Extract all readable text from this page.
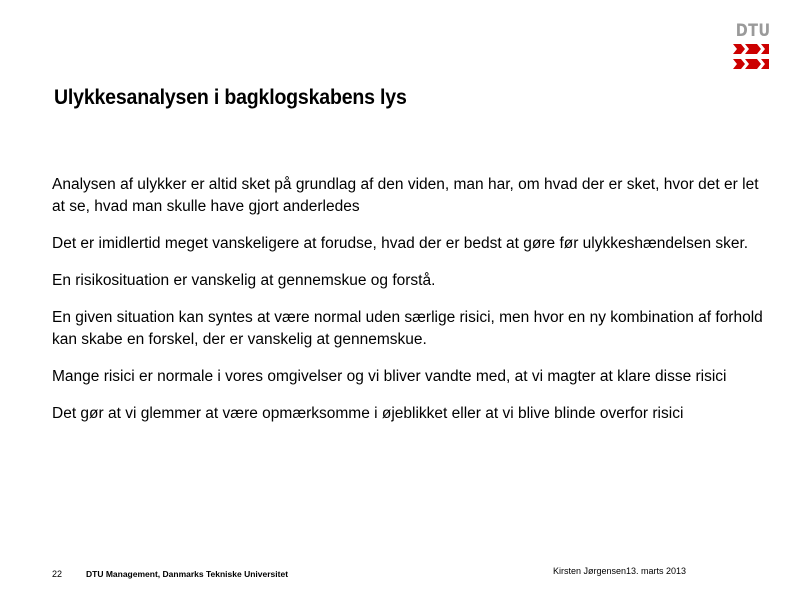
DTU
Ulykkesanalysen i bagklogskabens lys

Analysen af ulykker er altid sket på grundlag af den viden, man har, om hvad der er sket, hvor det er let at se, hvad man skulle have gjort anderledes

Det er imidlertid meget vanskeligere at forudse, hvad der er bedst at gøre før ulykkeshændelsen sker.

En risikosituation er vanskelig at gennemskue og forstå.

En given situation kan syntes at være normal uden særlige risici, men hvor en ny kombination af forhold kan skabe en forskel, der er vanskelig at gennemskue.

Mange risici er normale i vores omgivelser og vi bliver vandte med, at vi magter at klare disse risici

Det gør at vi glemmer at være opmærksomme i øjeblikket eller at vi blive blinde overfor risici

22	DTU Management, Danmarks Tekniske Universitet	Kirsten Jørgensen13. marts 2013
